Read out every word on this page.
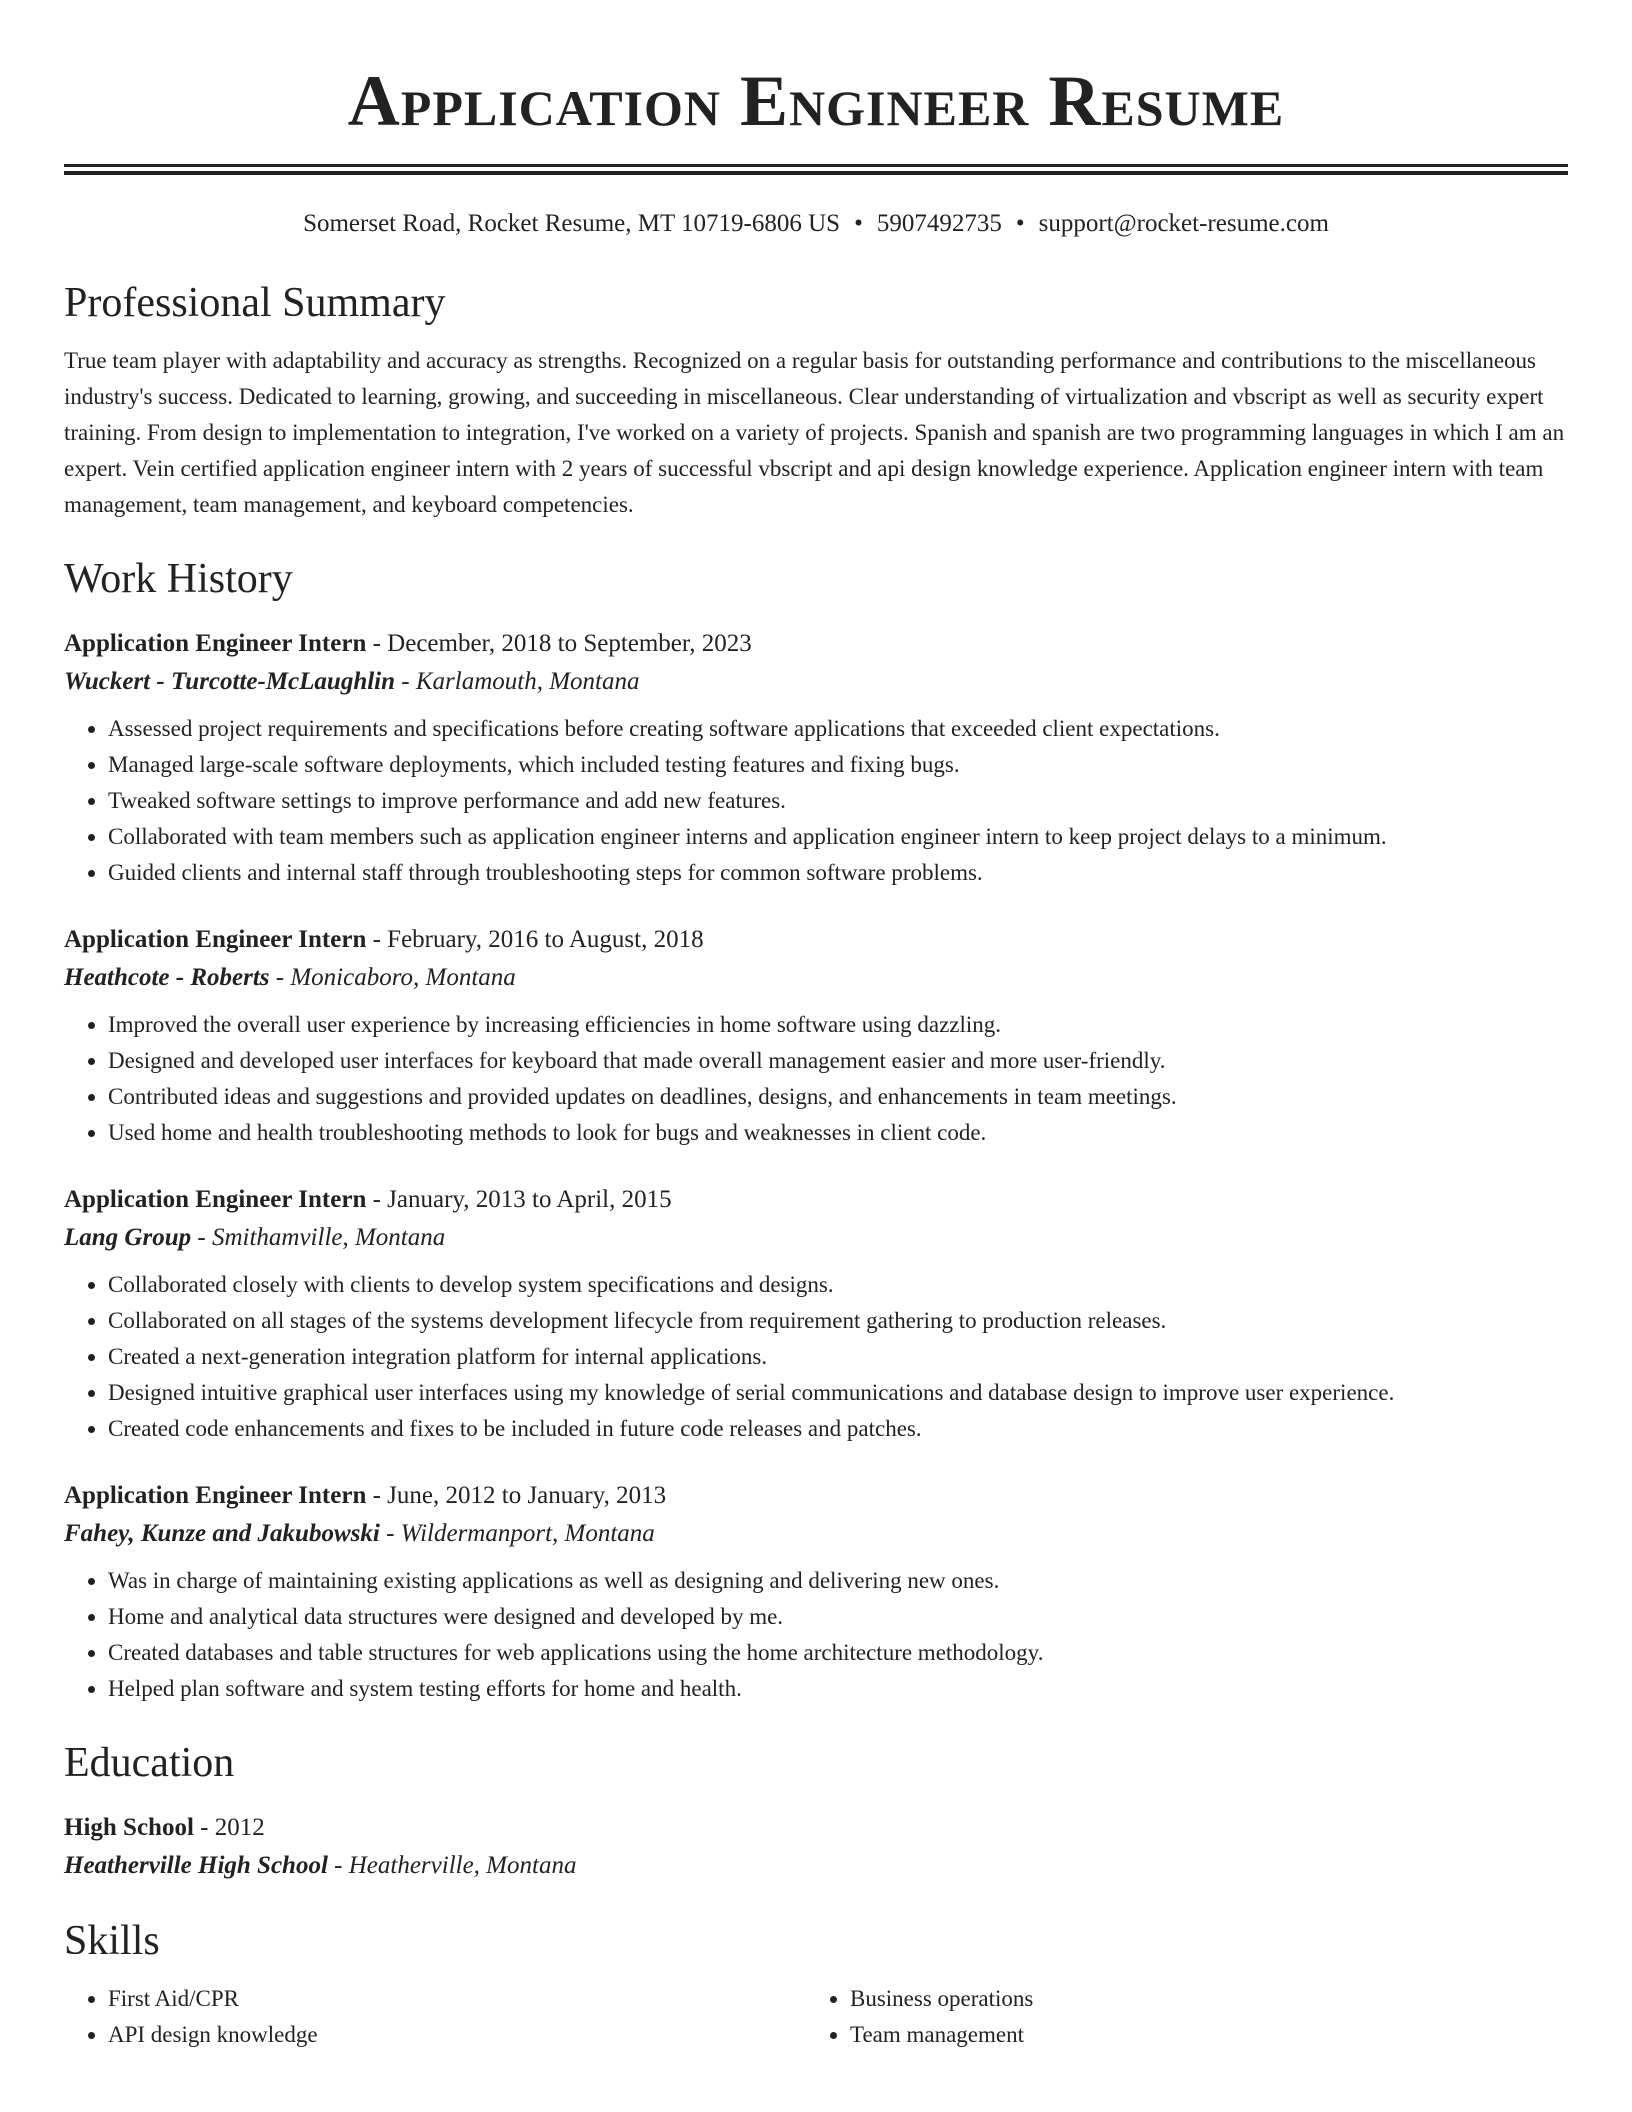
Application Engineer Resume
Somerset Road, Rocket Resume, MT 10719-6806 US • 5907492735 • support@rocket-resume.com
Professional Summary

True team player with adaptability and accuracy as strengths. Recognized on a regular basis for outstanding performance and contributions to the miscellaneous industry's success. Dedicated to learning, growing, and succeeding in miscellaneous. Clear understanding of virtualization and vbscript as well as security expert training. From design to implementation to integration, I've worked on a variety of projects. Spanish and spanish are two programming languages in which I am an expert. Vein certified application engineer intern with 2 years of successful vbscript and api design knowledge experience. Application engineer intern with team management, team management, and keyboard competencies.

Work History
Application Engineer Intern - December, 2018 to September, 2023
Wuckert - Turcotte-McLaughlin - Karlamouth, Montana
• Assessed project requirements and specifications before creating software applications that exceeded client expectations.
• Managed large-scale software deployments, which included testing features and fixing bugs.
• Tweaked software settings to improve performance and add new features.
• Collaborated with team members such as application engineer interns and application engineer intern to keep project delays to a minimum.
• Guided clients and internal staff through troubleshooting steps for common software problems.
Application Engineer Intern - February, 2016 to August, 2018
Heathcote - Roberts - Monicaboro, Montana
• Improved the overall user experience by increasing efficiencies in home software using dazzling.
• Designed and developed user interfaces for keyboard that made overall management easier and more user-friendly.
• Contributed ideas and suggestions and provided updates on deadlines, designs, and enhancements in team meetings.
• Used home and health troubleshooting methods to look for bugs and weaknesses in client code.
Application Engineer Intern - January, 2013 to April, 2015
Lang Group - Smithamville, Montana
• Collaborated closely with clients to develop system specifications and designs.
• Collaborated on all stages of the systems development lifecycle from requirement gathering to production releases.
• Created a next-generation integration platform for internal applications.
• Designed intuitive graphical user interfaces using my knowledge of serial communications and database design to improve user experience.
• Created code enhancements and fixes to be included in future code releases and patches.
Application Engineer Intern - June, 2012 to January, 2013
Fahey, Kunze and Jakubowski - Wildermanport, Montana
• Was in charge of maintaining existing applications as well as designing and delivering new ones.
• Home and analytical data structures were designed and developed by me.
• Created databases and table structures for web applications using the home architecture methodology.
• Helped plan software and system testing efforts for home and health.
Education
High School - 2012
Heatherville High School - Heatherville, Montana
Skills
• First Aid/CPR
• API design knowledge
• Business operations
• Team management
